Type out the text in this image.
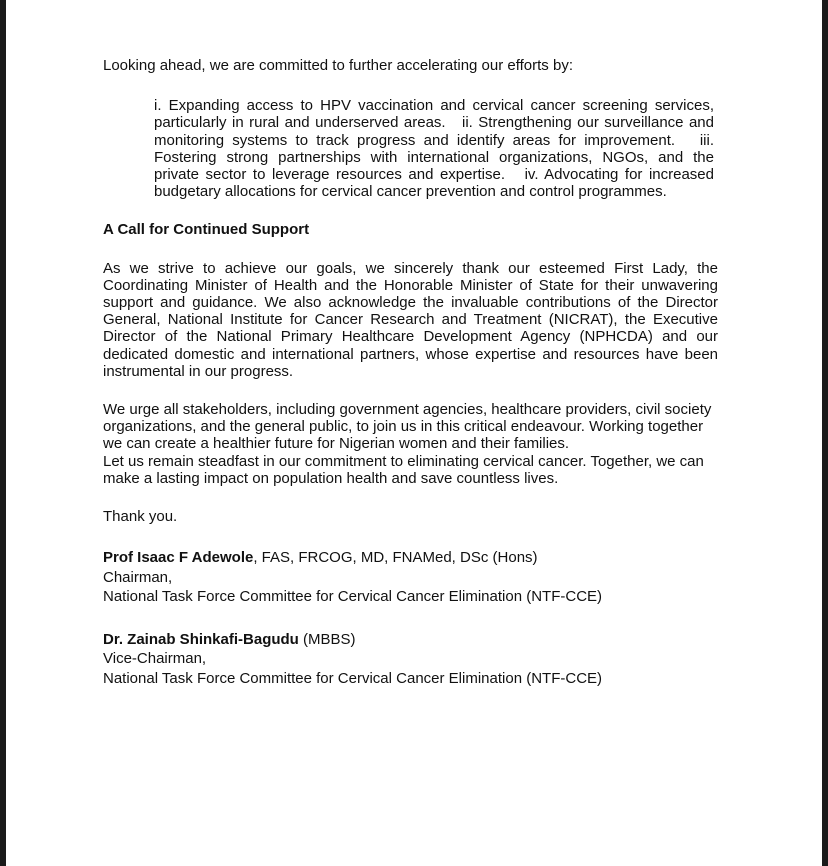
Looking ahead, we are committed to further accelerating our efforts by:

i. Expanding access to HPV vaccination and cervical cancer screening services, particularly in rural and underserved areas. ii. Strengthening our surveillance and monitoring systems to track progress and identify areas for improvement. iii. Fostering strong partnerships with international organizations, NGOs, and the private sector to leverage resources and expertise. iv. Advocating for increased budgetary allocations for cervical cancer prevention and control programmes.

A Call for Continued Support

As we strive to achieve our goals, we sincerely thank our esteemed First Lady, the Coordinating Minister of Health and the Honorable Minister of State for their unwavering support and guidance. We also acknowledge the invaluable contributions of the Director General, National Institute for Cancer Research and Treatment (NICRAT), the Executive Director of the National Primary Healthcare Development Agency (NPHCDA) and our dedicated domestic and international partners, whose expertise and resources have been instrumental in our progress.

We urge all stakeholders, including government agencies, healthcare providers, civil society organizations, and the general public, to join us in this critical endeavour. Working together we can create a healthier future for Nigerian women and their families.

Let us remain steadfast in our commitment to eliminating cervical cancer. Together, we can make a lasting impact on population health and save countless lives.

Thank you.

Prof Isaac F Adewole, FAS, FRCOG, MD, FNAMed, DSc (Hons)
Chairman,
National Task Force Committee for Cervical Cancer Elimination (NTF-CCE)
Dr. Zainab Shinkafi-Bagudu (MBBS)
Vice-Chairman,
National Task Force Committee for Cervical Cancer Elimination (NTF-CCE)
